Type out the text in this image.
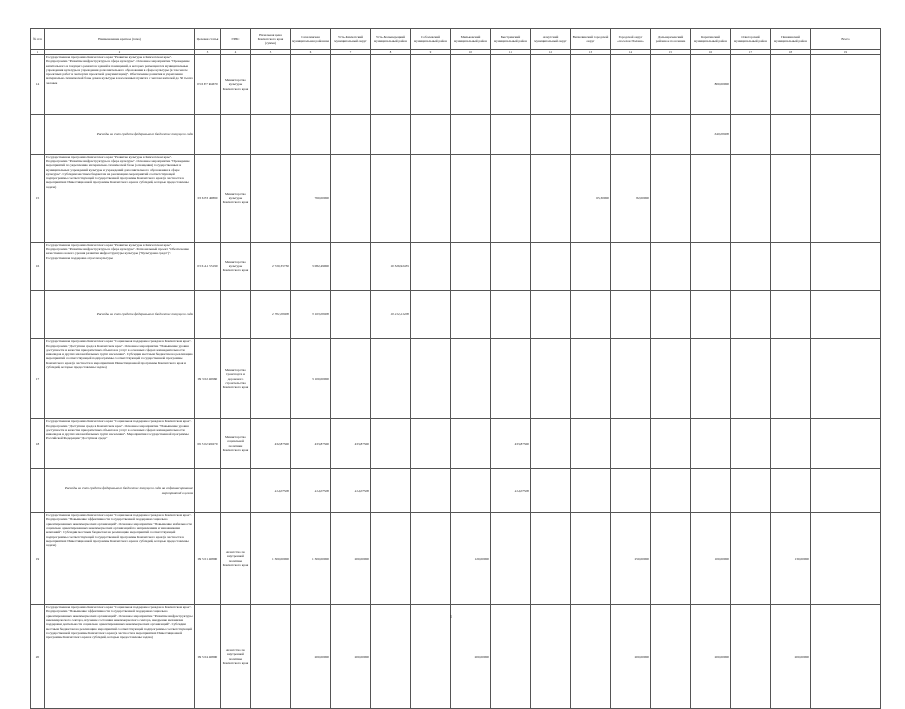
№ п/п	Наименование краткое (тема)	Целевая статья	ГРБС	Начальная цена Камчатского края (сумма)	Сахалинская муниципальная районная	Усть-Камчатский муниципальный округ	Усть-Большерецкий муниципальный район	Соболевский муниципальный район	Мильковский муниципальный район	Быстринский муниципальный район	Алеутский муниципальный округ	Вилючинский городской округ	Городской округ «поселок Палана»	Дальнереченский районное поселение	Карагинский муниципальный район	Олюторский муниципальный район	Пенжинский муниципальный район	Всего	
1	2	3	4	5	6	7	8	9	10	11	12	13	14	15	16	17	18	19	
14	Государственная программа Камчатского края "Развитие культуры в Камчатском крае". Подпрограмма "Развитие инфраструктуры в сфере культуры". Основное мероприятие "Проведение капитального и текущего ремонтов зданий и помещений, в которых размещаются муниципальные учреждения культуры и учреждения дополнительного образования в сфере культуры (в том числе проектных работ и экспертиз проектной документации)". Обеспечение развития и укрепления материально-технической базы домов культуры в населенных пунктах с числом жителей до 50 тысяч человек	03 6 Е7 R4670	Министерство культуры Камчатского края												800,00000				
	Расходы за счет средств федерального бюджета: текущего года														640,00000				
15	Государственная программа Камчатского края "Развитие культуры в Камчатском крае". Подпрограмма "Развитие инфраструктуры в сфере культуры". Основное мероприятие "Проведение мероприятий по укреплению материально-технической базы (оснащения) государственных и муниципальных учреждений культуры и учреждений дополнительного образования в сфере культуры". Субсидии местным бюджетам на реализацию мероприятий соответствующей подпрограммы соответствующей государственной программы Камчатского края (в частности в мероприятиях Инвестиционной программы Камчатского края и субсидий, которые предоставлены задача)	03 6 Е3 40890	Министерство культуры Камчатского края		760,00000							65,30000	82,00000						
16	Государственная программа Камчатского края "Развитие культуры в Камчатском крае". Подпрограмма "Развитие инфраструктуры в сфере культуры". Региональный проект "Обеспечение качественно нового уровня развития инфраструктуры культуры ("Культурная среда")". Государственная поддержка отрасли культуры	03 6 А1 55190	Министерство культуры Камчатского края	2 720,35730	3 082,49900		10 326,92435												
	Расходы за счет средств федерального бюджета: текущего года			2 701,00000	3 163,00000		10 212,21200												
17	Государственная программа Камчатского края "Социальная поддержка граждан в Камчатском крае". Подпрограмма "Доступная среда в Камчатском крае". Основное мероприятие "Повышение уровня доступности и качества приоритетных объектов и услуг в основных сферах жизнедеятельности инвалидов и других маломобильных групп населения". Субсидии местным бюджетам на реализацию мероприятий соответствующей подпрограммы соответствующей государственной программы Камчатского края (в частности в мероприятиях Инвестиционной программы Камчатского края и субсидий, которые предоставлены задача)	09 3 02 40960	Министерство транспорта и дорожного строительства Камчатского края		3 100,00000														
18	Государственная программа Камчатского края "Социальная поддержка граждан в Камчатском крае". Подпрограмма "Доступная среда в Камчатском крае". Основное мероприятие "Повышение уровня доступности и качества приоритетных объектов и услуг в основных сферах жизнедеятельности инвалидов и других маломобильных групп населения". Мероприятия государственной программы Российской Федерации "Доступная среда"	09 3 02 R0270	Министерство социальной политики Камчатского края	432,87500	433,87500	433,87500				433,87500									
	Расходы за счет средств федерального бюджета: текущего года на софинансирование мероприятий в целом			414,07500	414,07500	414,07500				414,07500									
19	Государственная программа Камчатского края "Социальная поддержка граждан в Камчатском крае". Подпрограмма "Повышение эффективности государственной поддержки социально ориентированных некоммерческих организаций". Основное мероприятие "Повышение мобильности социально ориентированных некоммерческих организаций по направлениям и чиновниками компаний". Субсидии местным бюджетам на реализацию мероприятий соответствующей подпрограммы соответствующей государственной программы Камчатского края (в частности в мероприятиях Инвестиционной программы Камчатского края и субсидий, которые предоставлены задача)	09 5 01 40890	Агентство по внутренней политике Камчатского края	1 300,00000	1 300,00000	200,00000			120,00000				250,00000		100,00000		130,00000		
20	Государственная программа Камчатского края "Социальная поддержка граждан в Камчатском крае". Подпрограмма "Повышение эффективности государственной поддержки социально ориентированных некоммерческих организаций". Основное мероприятие "Развитие инфраструктуры некоммерческого сектора, изучение состояния некоммерческого сектора, внедрение механизма поддержки деятельности социально ориентированных некоммерческих организаций". Субсидии местным бюджетам на реализацию мероприятий соответствующей подпрограммы соответствующей государственной программы Камчатского края (в частности в мероприятиях Инвестиционной программы Камчатского края и субсидий, которые предоставлены задача)	09 5 04 40890	Агентство по внутренней политике Камчатского края		200,00000	200,00000			200,00000				200,00000		200,00000		200,00000		
1
